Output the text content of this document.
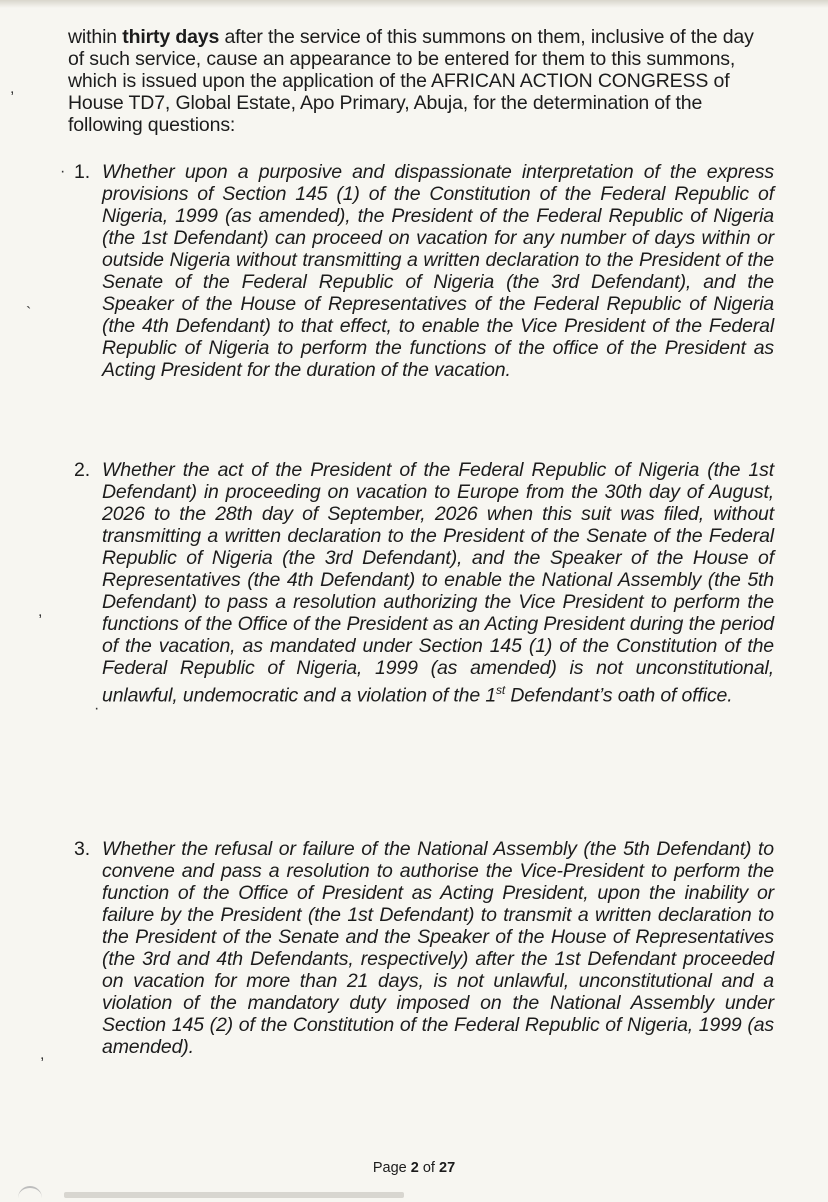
within thirty days after the service of this summons on them, inclusive of the day of such service, cause an appearance to be entered for them to this summons, which is issued upon the application of the AFRICAN ACTION CONGRESS of House TD7, Global Estate, Apo Primary, Abuja, for the determination of the following questions:

,
· 1. Whether upon a purposive and dispassionate interpretation of the express provisions of Section 145 (1) of the Constitution of the Federal Republic of Nigeria, 1999 (as amended), the President of the Federal Republic of Nigeria (the 1st Defendant) can proceed on vacation for any number of days within or outside Nigeria without transmitting a written declaration to the President of the Senate of the Federal Republic of Nigeria (the 3rd Defendant), and the Speaker of the House of Representatives of the Federal Republic of Nigeria (the 4th Defendant) to that effect, to enable the Vice President of the Federal Republic of Nigeria to perform the functions of the office of the President as Acting President for the duration of the vacation.
`
2. Whether the act of the President of the Federal Republic of Nigeria (the 1st Defendant) in proceeding on vacation to Europe from the 30th day of August, 2026 to the 28th day of September, 2026 when this suit was filed, without transmitting a written declaration to the President of the Senate of the Federal Republic of Nigeria (the 3rd Defendant), and the Speaker of the House of Representatives (the 4th Defendant) to enable the National Assembly (the 5th Defendant) to pass a resolution authorizing the Vice President to perform the functions of the Office of the President as an Acting President during the period of the vacation, as mandated under Section 145 (1) of the Constitution of the Federal Republic of Nigeria, 1999 (as amended) is not unconstitutional, unlawful, undemocratic and a violation of the 1st Defendant’s oath of office.
,
·
3. Whether the refusal or failure of the National Assembly (the 5th Defendant) to convene and pass a resolution to authorise the Vice-President to perform the function of the Office of President as Acting President, upon the inability or failure by the President (the 1st Defendant) to transmit a written declaration to the President of the Senate and the Speaker of the House of Representatives (the 3rd and 4th Defendants, respectively) after the 1st Defendant proceeded on vacation for more than 21 days, is not unlawful, unconstitutional and a violation of the mandatory duty imposed on the National Assembly under Section 145 (2) of the Constitution of the Federal Republic of Nigeria, 1999 (as amended).
,
Page 2 of 27
